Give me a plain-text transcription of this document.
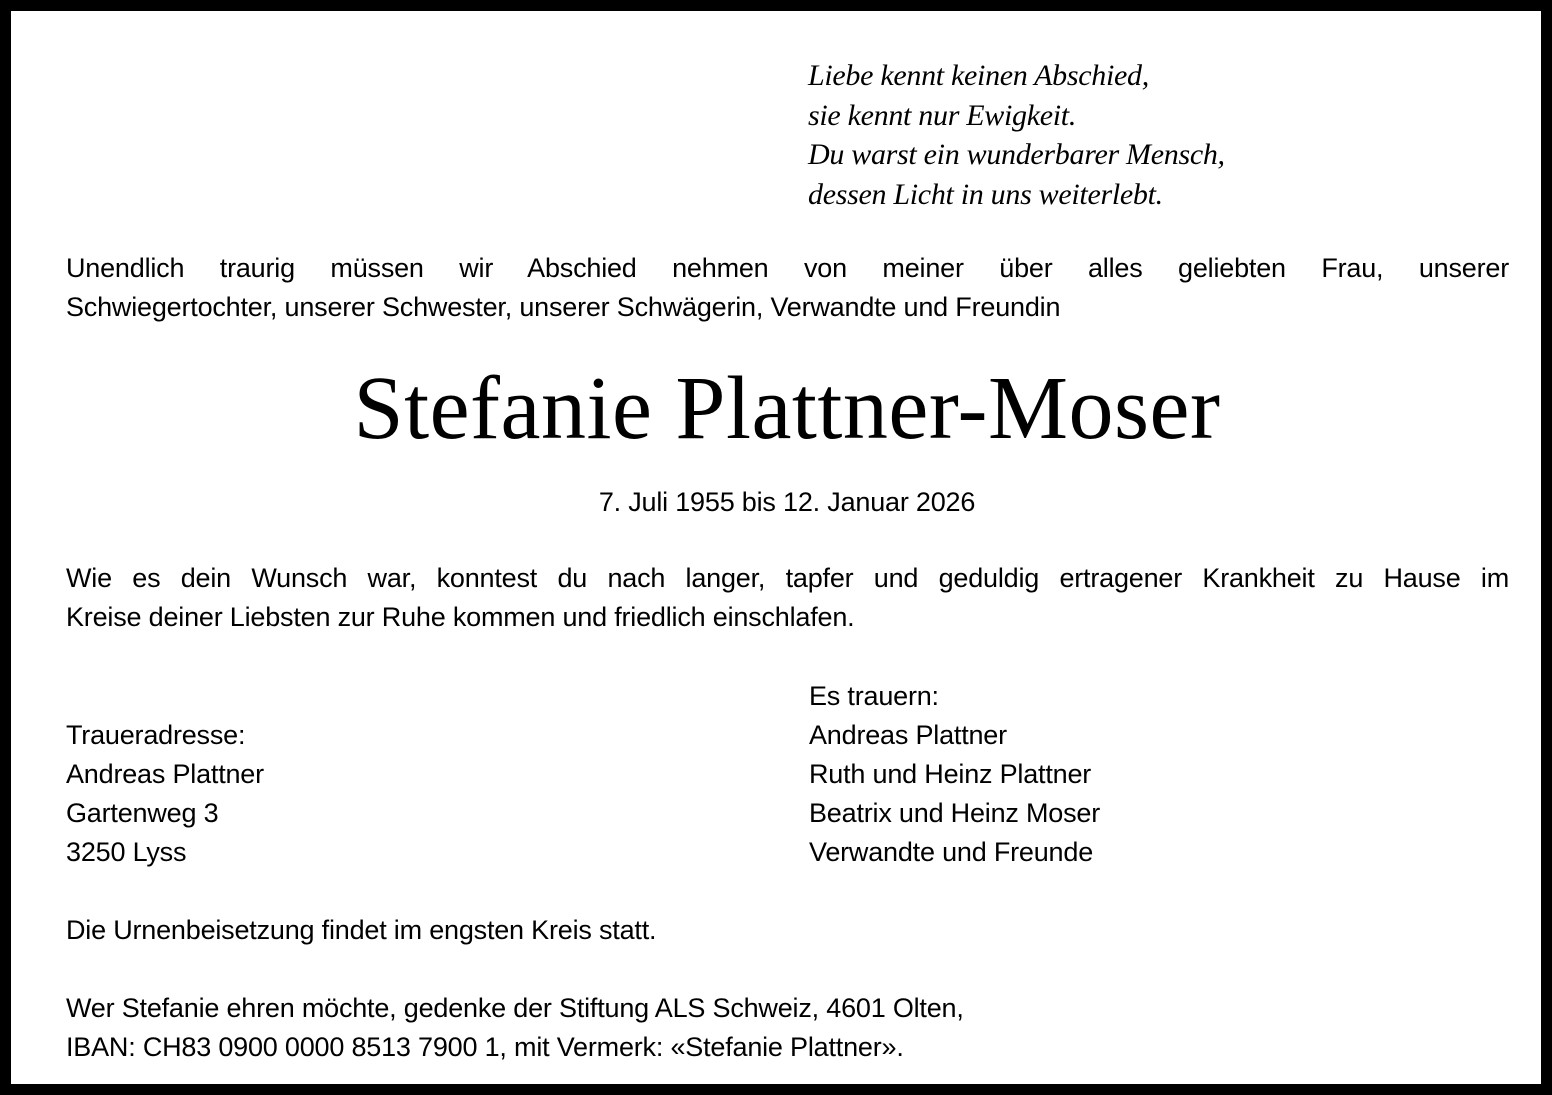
Liebe kennt keinen Abschied,
sie kennt nur Ewigkeit.
Du warst ein wunderbarer Mensch,
dessen Licht in uns weiterlebt.
Unendlich traurig müssen wir Abschied nehmen von meiner über alles geliebten Frau, unserer
Schwiegertochter, unserer Schwester, unserer Schwägerin, Verwandte und Freundin
Stefanie Plattner-Moser
7. Juli 1955 bis 12. Januar 2026
Wie es dein Wunsch war, konntest du nach langer, tapfer und geduldig ertragener Krankheit zu Hause im
Kreise deiner Liebsten zur Ruhe kommen und friedlich einschlafen.
Traueradresse:
Andreas Plattner
Gartenweg 3
3250 Lyss
Es trauern:
Andreas Plattner
Ruth und Heinz Plattner
Beatrix und Heinz Moser
Verwandte und Freunde
Die Urnenbeisetzung findet im engsten Kreis statt.
Wer Stefanie ehren möchte, gedenke der Stiftung ALS Schweiz, 4601 Olten,
IBAN: CH83 0900 0000 8513 7900 1, mit Vermerk: «Stefanie Plattner».
